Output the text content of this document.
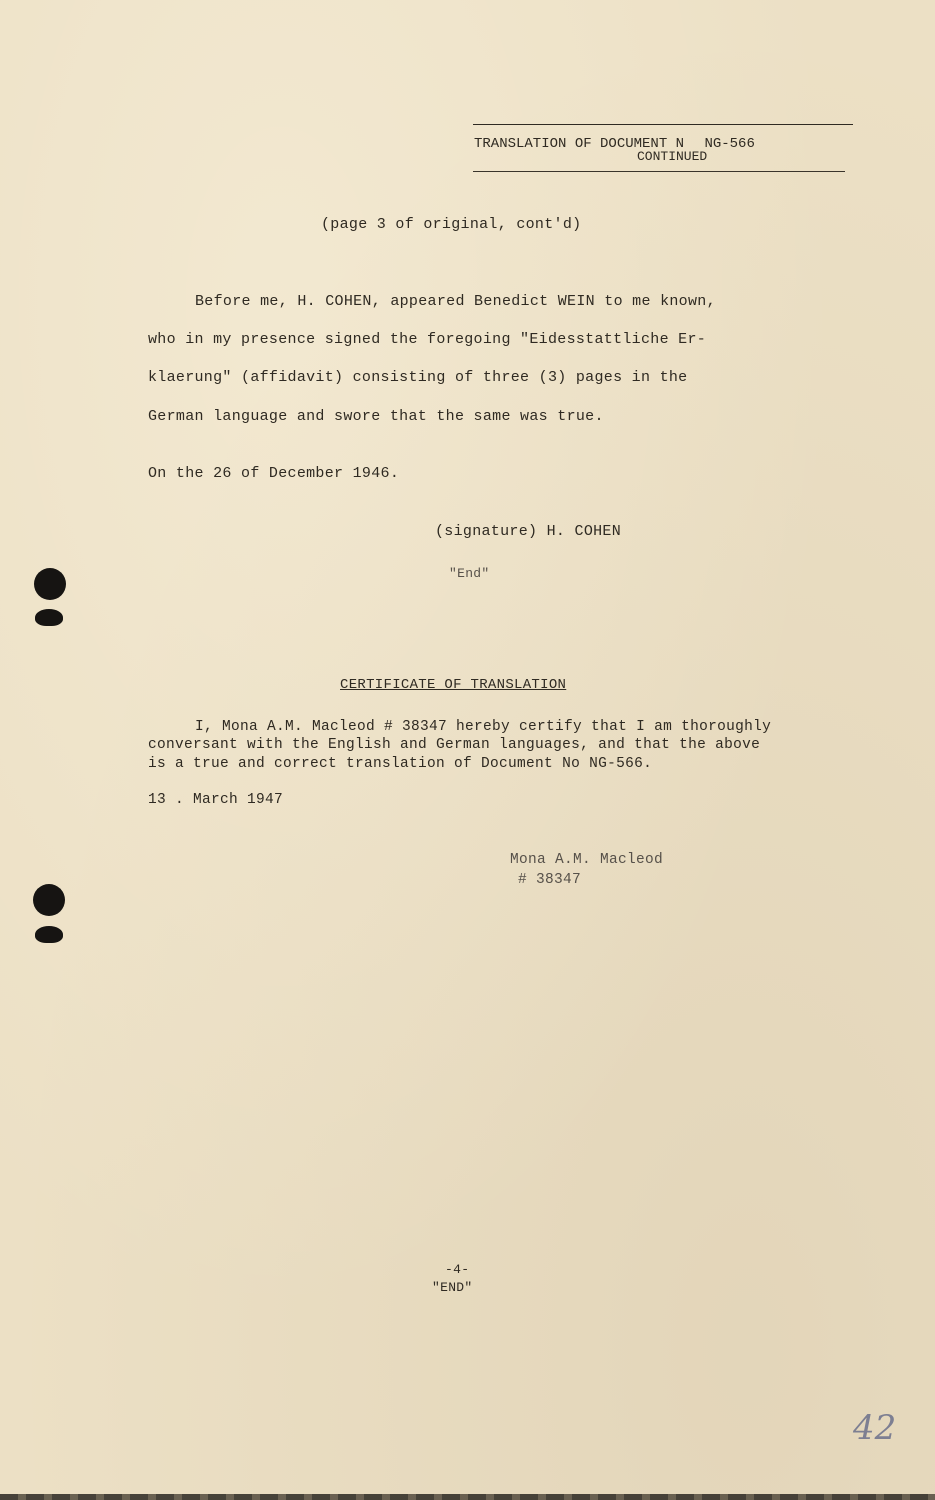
TRANSLATION OF DOCUMENT N NG-566
CONTINUED
(page 3 of original, cont'd)
Before me, H. COHEN, appeared Benedict WEIN to me known,
who in my presence signed the foregoing "Eidesstattliche Er-
klaerung" (affidavit) consisting of three (3) pages in the
German language and swore that the same was true.
On the 26 of December 1946.
(signature) H. COHEN
"End"
CERTIFICATE OF TRANSLATION
I, Mona A.M. Macleod # 38347 hereby certify that I am thoroughly
conversant with the English and German languages, and that the above
is a true and correct translation of Document No NG-566.
13 . March 1947
Mona A.M. Macleod
# 38347
-4-
"END"
42
